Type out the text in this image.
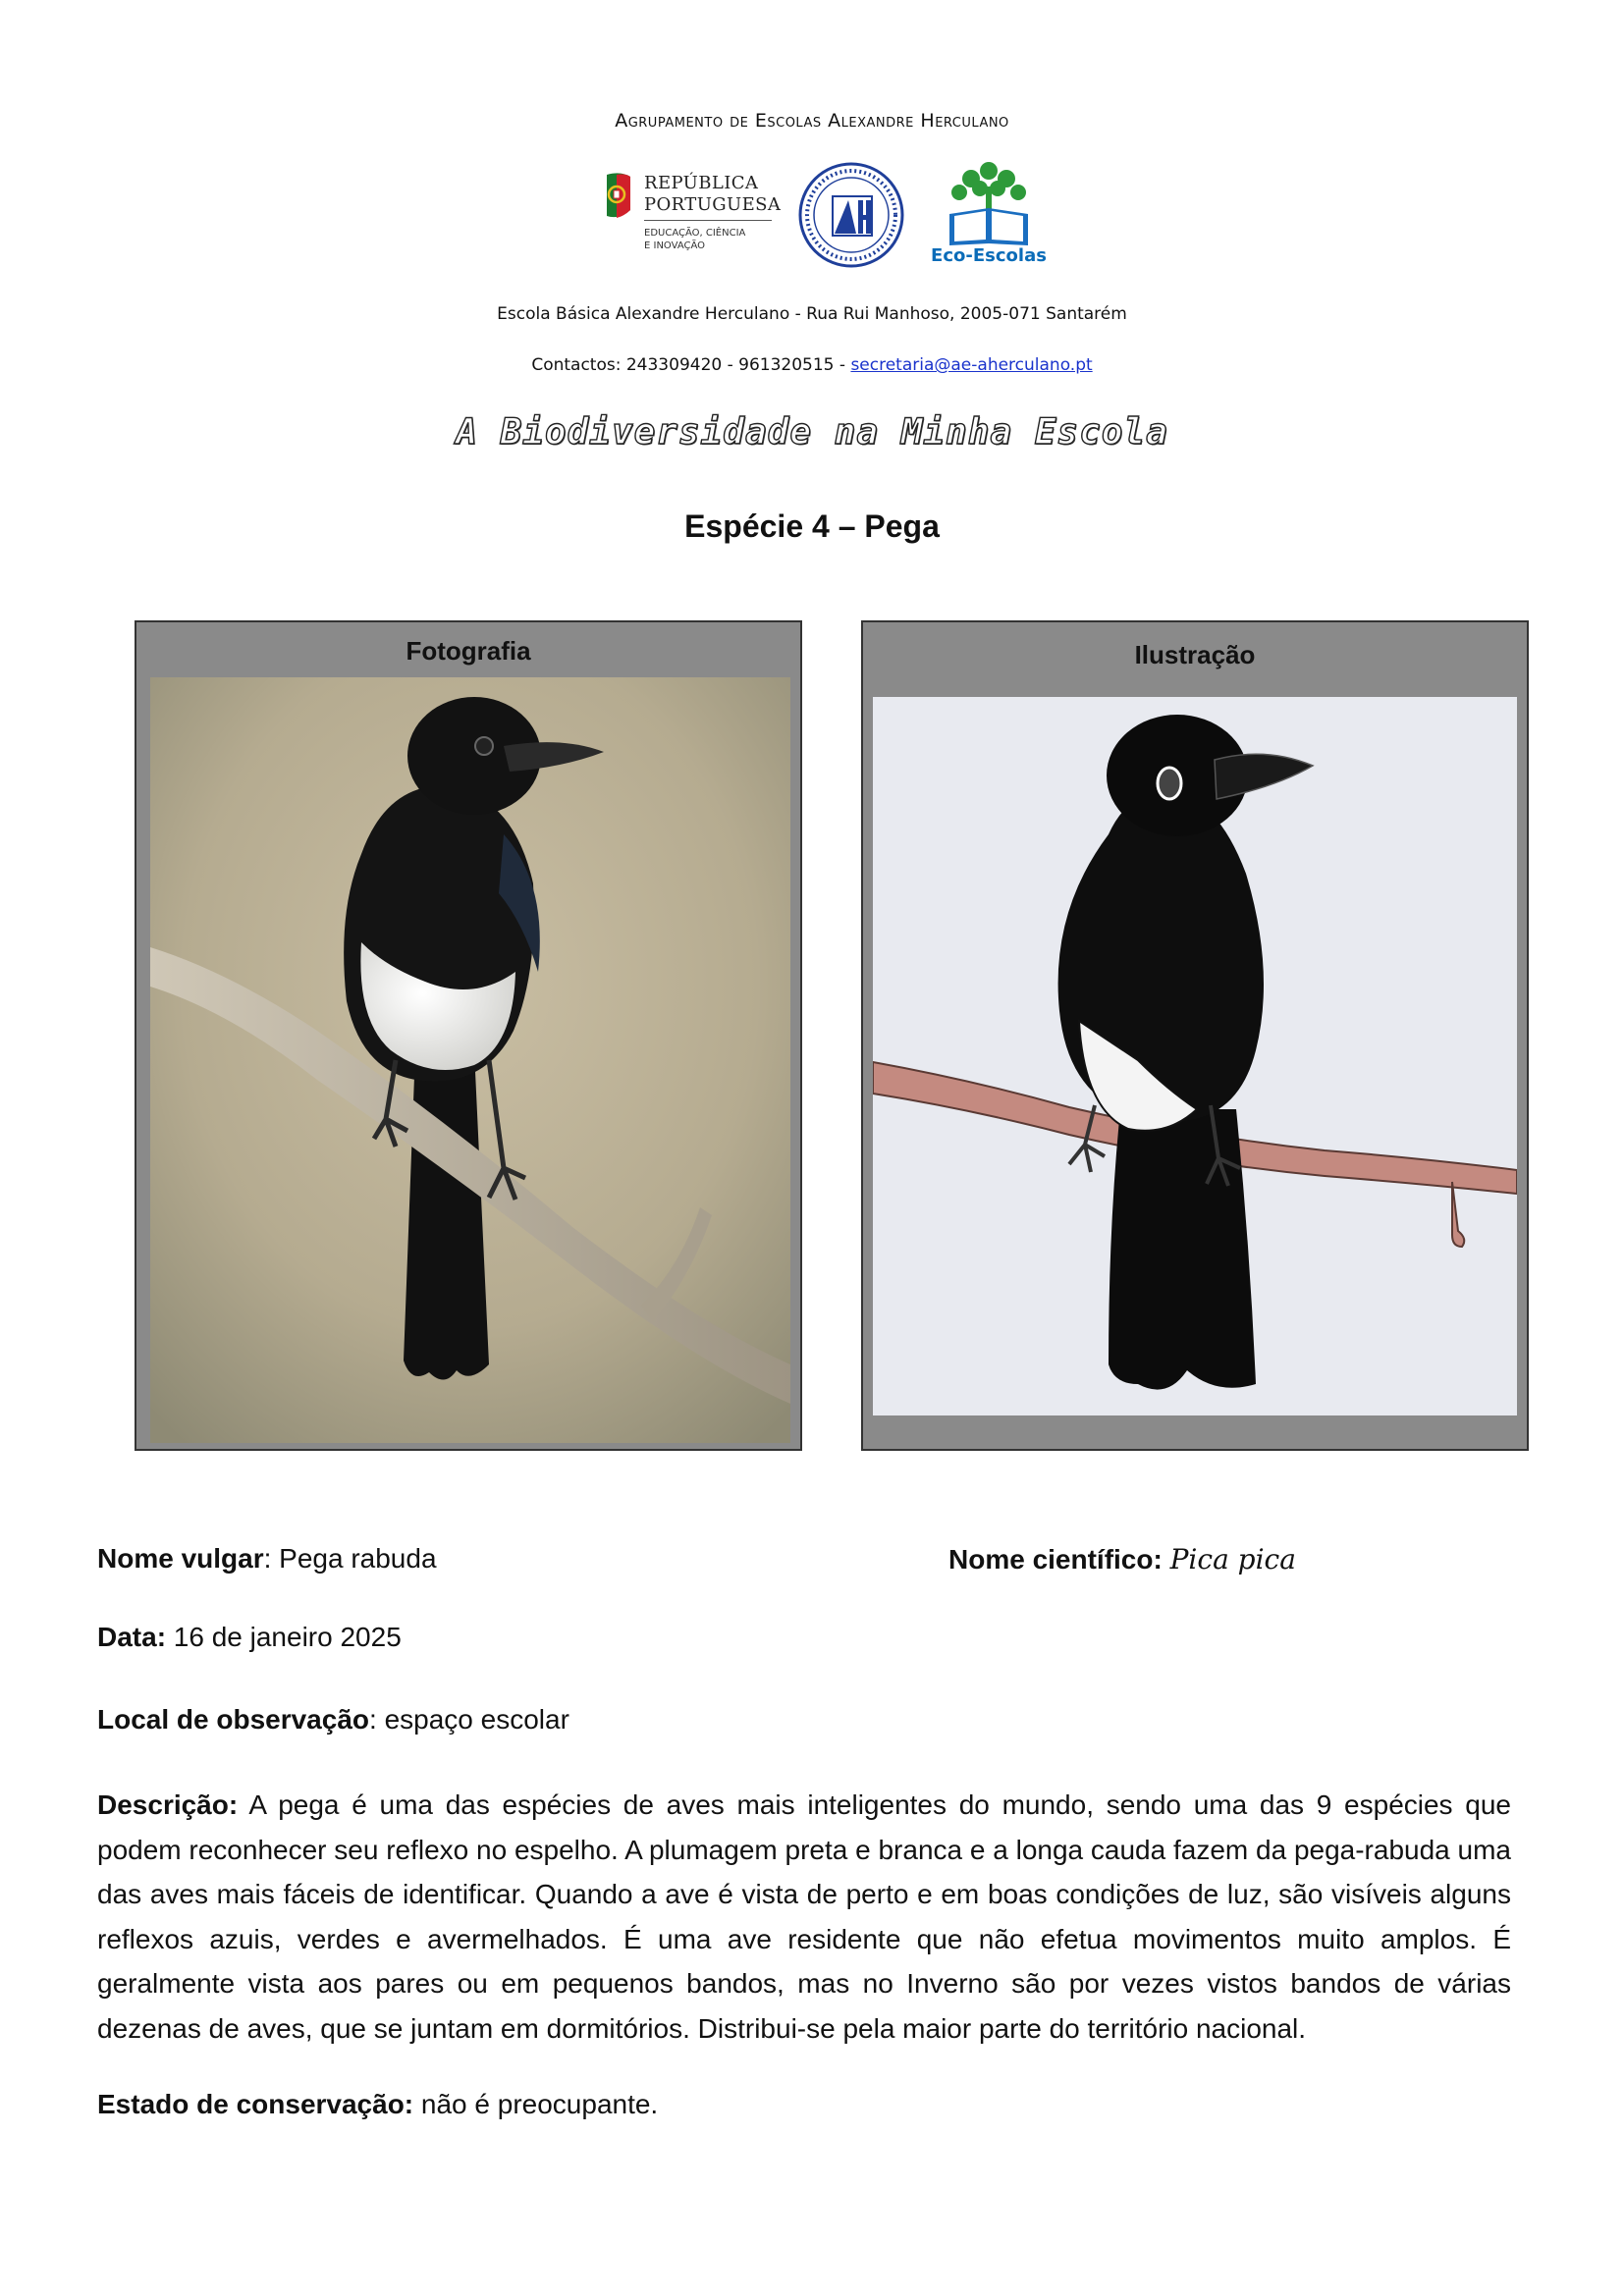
Agrupamento de Escolas Alexandre Herculano
REPÚBLICA
PORTUGUESA
EDUCAÇÃO, CIÊNCIA
E INOVAÇÃO	Eco-Escolas
Escola Básica Alexandre Herculano - Rua Rui Manhoso, 2005-071 Santarém
Contactos: 243309420 - 961320515 - secretaria@ae-aherculano.pt
A Biodiversidade na Minha Escola
Espécie 4 – Pega
Fotografia	Ilustração
Nome vulgar: Pega rabuda	Nome científico: Pica pica
Data: 16 de janeiro 2025
Local de observação: espaço escolar
Descrição: A pega é uma das espécies de aves mais inteligentes do mundo, sendo uma das 9 espécies que podem reconhecer seu reflexo no espelho. A plumagem preta e branca e a longa cauda fazem da pega-rabuda uma das aves mais fáceis de identificar. Quando a ave é vista de perto e em boas condições de luz, são visíveis alguns reflexos azuis, verdes e avermelhados. É uma ave residente que não efetua movimentos muito amplos. É geralmente vista aos pares ou em pequenos bandos, mas no Inverno são por vezes vistos bandos de várias dezenas de aves, que se juntam em dormitórios. Distribui-se pela maior parte do território nacional.
Estado de conservação: não é preocupante.
